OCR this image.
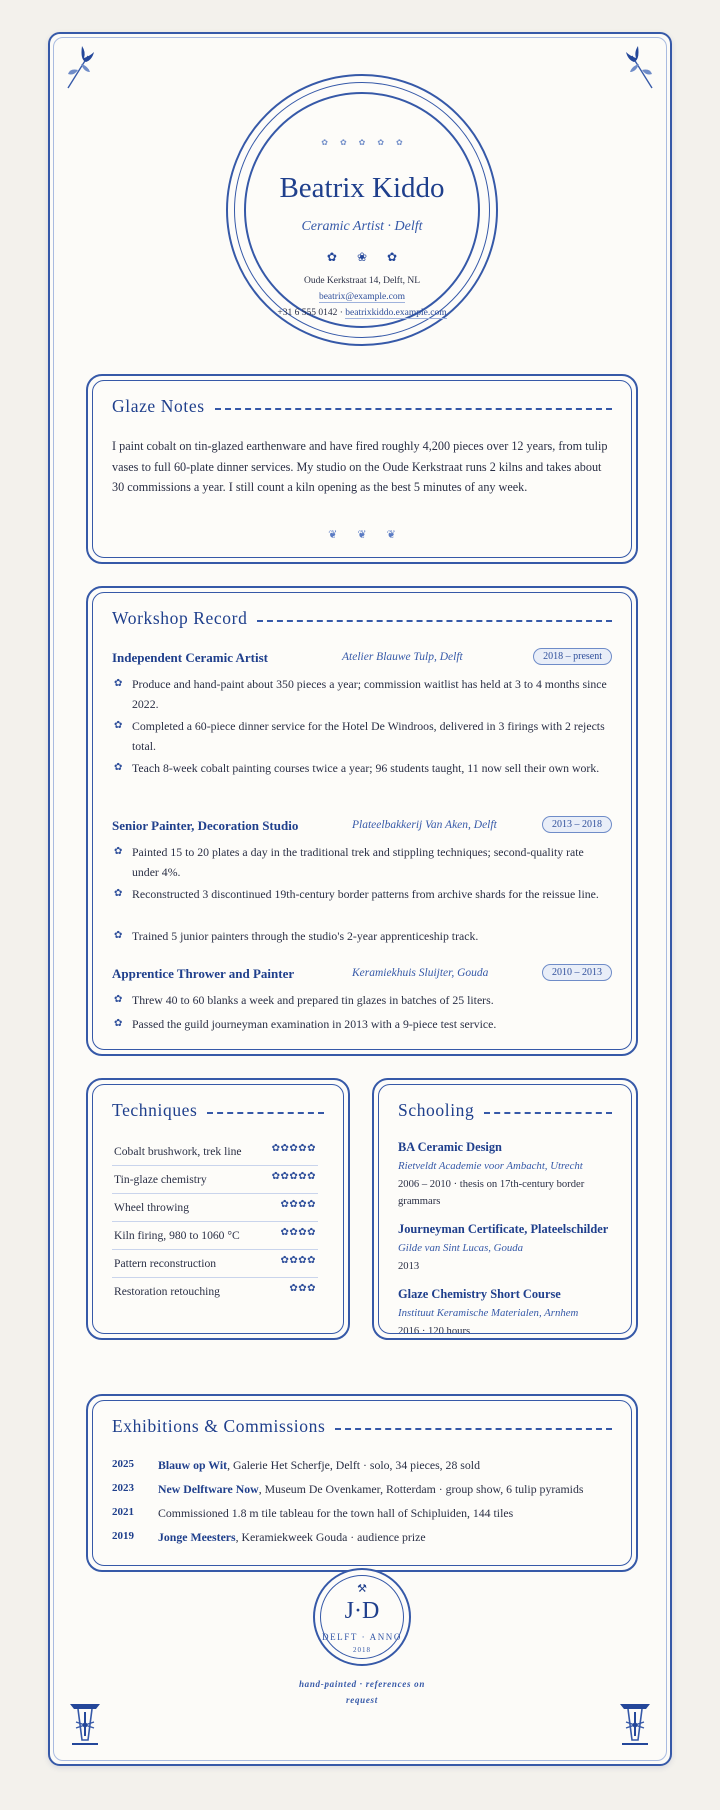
✿✿✿✿✿
Beatrix Kiddo
Ceramic Artist · Delft
✿❀✿
Oude Kerkstraat 14, Delft, NL
beatrix@example.com
+31 6 555 0142 · beatrixkiddo.example.com
Glaze Notes
I paint cobalt on tin-glazed earthenware and have fired roughly 4,200 pieces over 12 years, from tulip vases to full 60-plate dinner services. My studio on the Oude Kerkstraat runs 2 kilns and takes about 30 commissions a year. I still count a kiln opening as the best 5 minutes of any week.
❦❦❦
Workshop Record
Independent Ceramic Artist	Atelier Blauwe Tulp, Delft	2018 – present
✿ Produce and hand-paint about 350 pieces a year; commission waitlist has held at 3 to 4 months since 2022.
✿ Completed a 60-piece dinner service for the Hotel De Windroos, delivered in 3 firings with 2 rejects total.
✿ Teach 8-week cobalt painting courses twice a year; 96 students taught, 11 now sell their own work.
Senior Painter, Decoration Studio	Plateelbakkerij Van Aken, Delft	2013 – 2018
✿ Painted 15 to 20 plates a day in the traditional trek and stippling techniques; second-quality rate under 4%.
✿ Reconstructed 3 discontinued 19th-century border patterns from archive shards for the reissue line.
✿ Trained 5 junior painters through the studio's 2-year apprenticeship track.
Apprentice Thrower and Painter	Keramiekhuis Sluijter, Gouda	2010 – 2013
✿ Threw 40 to 60 blanks a week and prepared tin glazes in batches of 25 liters.
✿ Passed the guild journeyman examination in 2013 with a 9-piece test service.
Techniques
Cobalt brushwork, trek line	✿✿✿✿✿
Tin-glaze chemistry	✿✿✿✿✿
Wheel throwing	✿✿✿✿
Kiln firing, 980 to 1060 °C	✿✿✿✿
Pattern reconstruction	✿✿✿✿
Restoration retouching	✿✿✿
Schooling
BA Ceramic Design
Rietveldt Academie voor Ambacht, Utrecht
2006 – 2010 · thesis on 17th-century border grammars
Journeyman Certificate, Plateelschilder
Gilde van Sint Lucas, Gouda
2013
Glaze Chemistry Short Course
Instituut Keramische Materialen, Arnhem
2016 · 120 hours
Exhibitions & Commissions
2025 Blauw op Wit, Galerie Het Scherfje, Delft · solo, 34 pieces, 28 sold
2023 New Delftware Now, Museum De Ovenkamer, Rotterdam · group show, 6 tulip pyramids
2021 Commissioned 1.8 m tile tableau for the town hall of Schipluiden, 144 tiles
2019 Jonge Meesters, Keramiekweek Gouda · audience prize
⚒
J·D
DELFT · ANNO
2018
hand-painted · references on request
